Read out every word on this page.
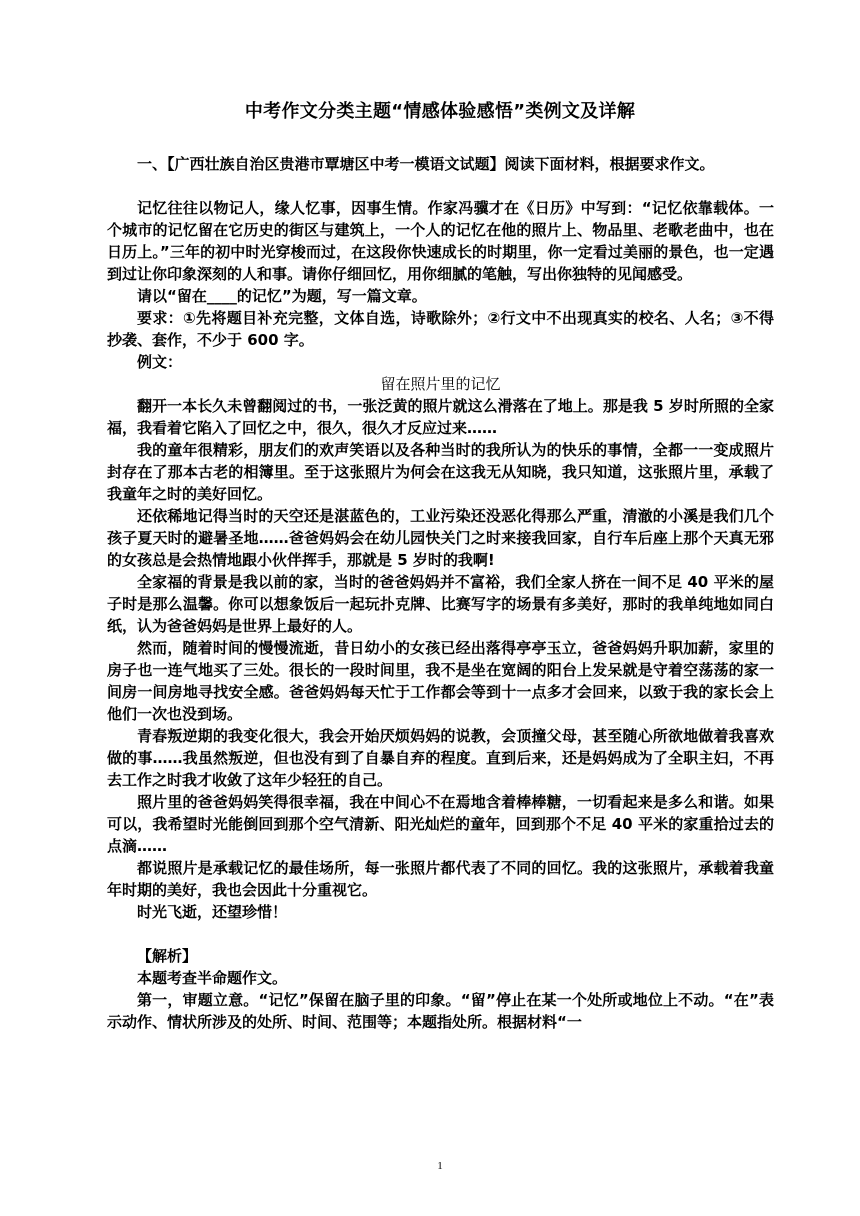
中考作文分类主题“情感体验感悟”类例文及详解

一、【广西壮族自治区贵港市覃塘区中考一模语文试题】阅读下面材料，根据要求作文。

记忆往往以物记人，缘人忆事，因事生情。作家冯骥才在《日历》中写到：“记忆依靠载体。一个城市的记忆留在它历史的街区与建筑上，一个人的记忆在他的照片上、物品里、老歌老曲中，也在日历上。”三年的初中时光穿梭而过，在这段你快速成长的时期里，你一定看过美丽的景色，也一定遇到过让你印象深刻的人和事。请你仔细回忆，用你细腻的笔触，写出你独特的见闻感受。

请以“留在____的记忆”为题，写一篇文章。

要求：①先将题目补充完整，文体自选，诗歌除外；②行文中不出现真实的校名、人名；③不得抄袭、套作，不少于 600 字。

例文：

留在照片里的记忆

翻开一本长久未曾翻阅过的书，一张泛黄的照片就这么滑落在了地上。那是我 5 岁时所照的全家福，我看着它陷入了回忆之中，很久，很久才反应过来……

我的童年很精彩，朋友们的欢声笑语以及各种当时的我所认为的快乐的事情，全都一一变成照片封存在了那本古老的相簿里。至于这张照片为何会在这我无从知晓，我只知道，这张照片里，承载了我童年之时的美好回忆。

还依稀地记得当时的天空还是湛蓝色的，工业污染还没恶化得那么严重，清澈的小溪是我们几个孩子夏天时的避暑圣地……爸爸妈妈会在幼儿园快关门之时来接我回家，自行车后座上那个天真无邪的女孩总是会热情地跟小伙伴挥手，那就是 5 岁时的我啊!

全家福的背景是我以前的家，当时的爸爸妈妈并不富裕，我们全家人挤在一间不足 40 平米的屋子时是那么温馨。你可以想象饭后一起玩扑克牌、比赛写字的场景有多美好，那时的我单纯地如同白纸，认为爸爸妈妈是世界上最好的人。

然而，随着时间的慢慢流逝，昔日幼小的女孩已经出落得亭亭玉立，爸爸妈妈升职加薪，家里的房子也一连气地买了三处。很长的一段时间里，我不是坐在宽阔的阳台上发呆就是守着空荡荡的家一间房一间房地寻找安全感。爸爸妈妈每天忙于工作都会等到十一点多才会回来，以致于我的家长会上他们一次也没到场。

青春叛逆期的我变化很大，我会开始厌烦妈妈的说教，会顶撞父母，甚至随心所欲地做着我喜欢做的事……我虽然叛逆，但也没有到了自暴自弃的程度。直到后来，还是妈妈成为了全职主妇，不再去工作之时我才收敛了这年少轻狂的自己。

照片里的爸爸妈妈笑得很幸福，我在中间心不在焉地含着棒棒糖，一切看起来是多么和谐。如果可以，我希望时光能倒回到那个空气清新、阳光灿烂的童年，回到那个不足 40 平米的家重拾过去的点滴……

都说照片是承载记忆的最佳场所，每一张照片都代表了不同的回忆。我的这张照片，承载着我童年时期的美好，我也会因此十分重视它。

时光飞逝，还望珍惜！

【解析】

本题考查半命题作文。

第一，审题立意。“记忆”保留在脑子里的印象。“留”停止在某一个处所或地位上不动。“在”表示动作、情状所涉及的处所、时间、范围等；本题指处所。根据材料“一

1
